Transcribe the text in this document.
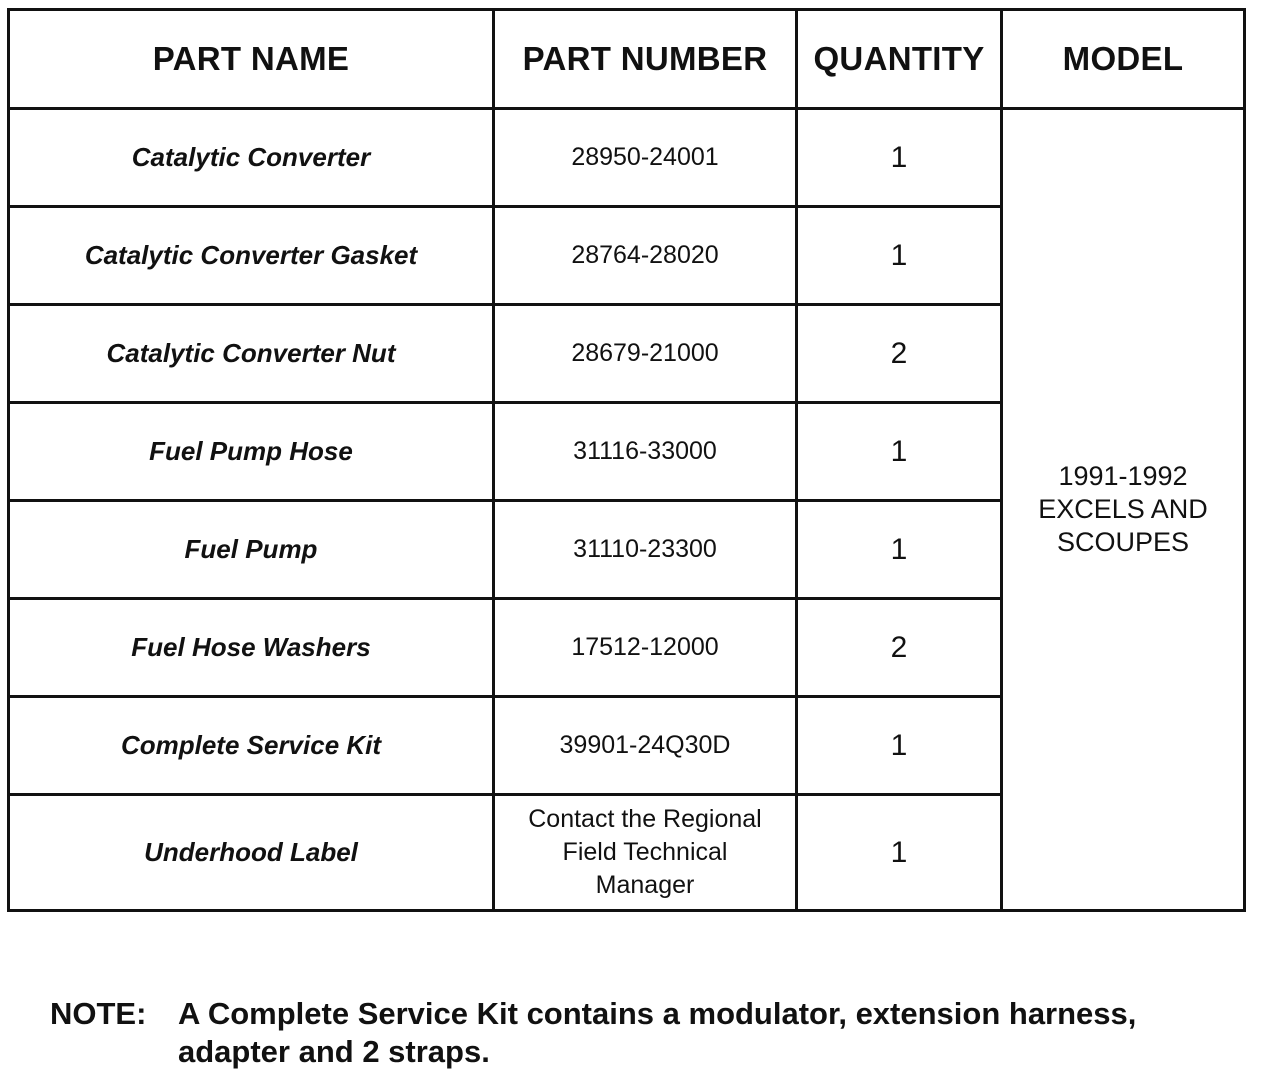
PART NAME	PART NUMBER	QUANTITY	MODEL
Catalytic Converter	28950-24001	1	1991-1992
EXCELS AND
SCOUPES

Catalytic Converter Gasket	28764-28020	1	
Catalytic Converter Nut	28679-21000	2	
Fuel Pump Hose	31116-33000	1	
Fuel Pump	31110-23300	1	
Fuel Hose Washers	17512-12000	2	
Complete Service Kit	39901-24Q30D	1	
Underhood Label	Contact the Regional
Field Technical
Manager	1	
NOTE:	A Complete Service Kit contains a modulator, extension harness, adapter and 2 straps.
